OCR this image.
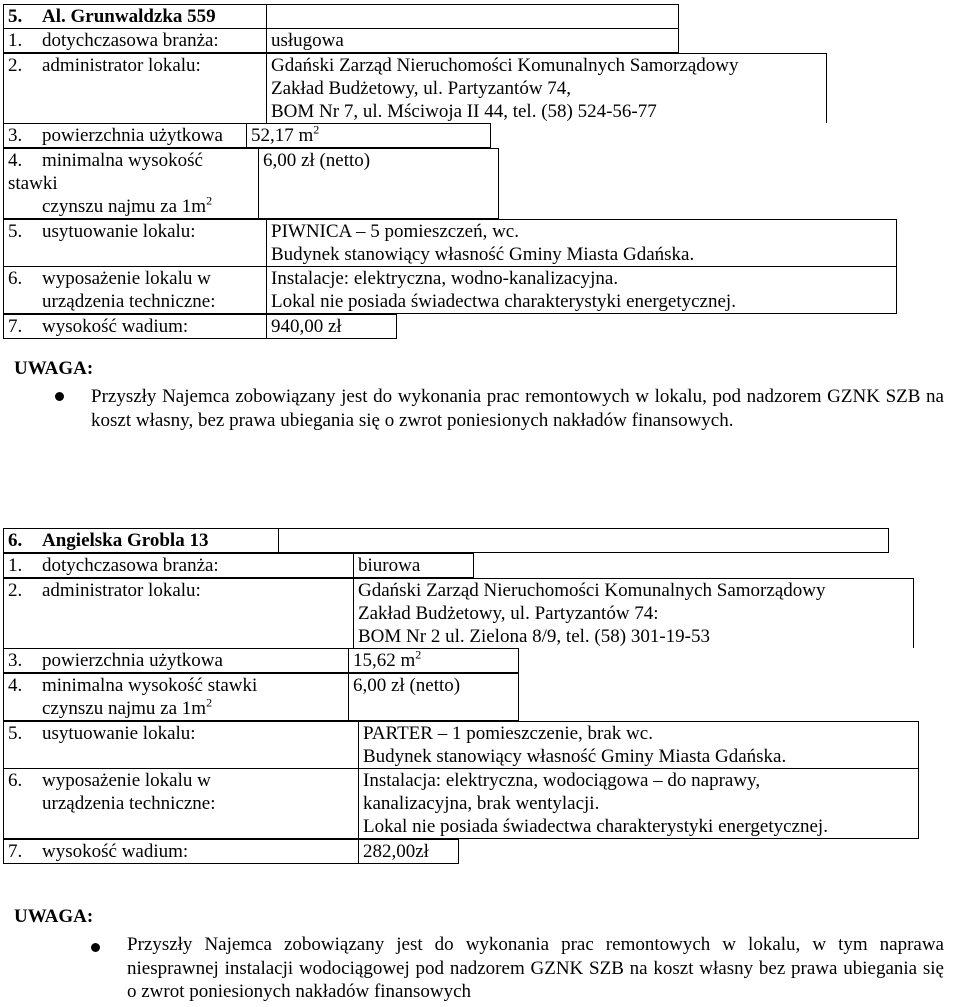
5. Al. Grunwaldzka 559	
1. dotychczasowa branża:	usługowa
2. administrator lokalu:	Gdański Zarząd Nieruchomości Komunalnych Samorządowy
Zakład Budżetowy, ul. Partyzantów 74,
BOM Nr 7, ul. Mściwoja II 44, tel. (58) 524-56-77
3. powierzchnia użytkowa	52,17 $m^2$
4. minimalna wysokość stawki
czynszu najmu za $1m^2$
	6,00 zł (netto)
5. usytuowanie lokalu:	PIWNICA – 5 pomieszczeń, wc.
Budynek stanowiący własność Gminy Miasta Gdańska.

6. wyposażenie lokalu w
urządzenia techniczne:	Instalacje: elektryczna, wodno-kanalizacyjna.
Lokal nie posiada świadectwa charakterystyki energetycznej.
7. wysokość wadium:	940,00 zł
UWAGA:
Przyszły Najemca zobowiązany jest do wykonania prac remontowych w lokalu, pod nadzorem GZNK SZB na koszt własny, bez prawa ubiegania się o zwrot poniesionych nakładów finansowych.
6. Angielska Grobla 13	
1. dotychczasowa branża:	biurowa
2. administrator lokalu:	Gdański Zarząd Nieruchomości Komunalnych Samorządowy
Zakład Budżetowy, ul. Partyzantów 74:
BOM Nr 2 ul. Zielona 8/9, tel. (58) 301-19-53
3. powierzchnia użytkowa	15,62 $m^2$
4. minimalna wysokość stawki
czynszu najmu za $1m^2$
	6,00 zł (netto)
5. usytuowanie lokalu:	PARTER – 1 pomieszczenie, brak wc.
Budynek stanowiący własność Gminy Miasta Gdańska.

6. wyposażenie lokalu w
urządzenia techniczne:	Instalacja: elektryczna, wodociągowa – do naprawy,
kanalizacyjna, brak wentylacji.
Lokal nie posiada świadectwa charakterystyki energetycznej.
7. wysokość wadium:	282,00zł
UWAGA:
Przyszły Najemca zobowiązany jest do wykonania prac remontowych w lokalu, w tym naprawa niesprawnej instalacji wodociągowej pod nadzorem GZNK SZB na koszt własny bez prawa ubiegania się o zwrot poniesionych nakładów finansowych
